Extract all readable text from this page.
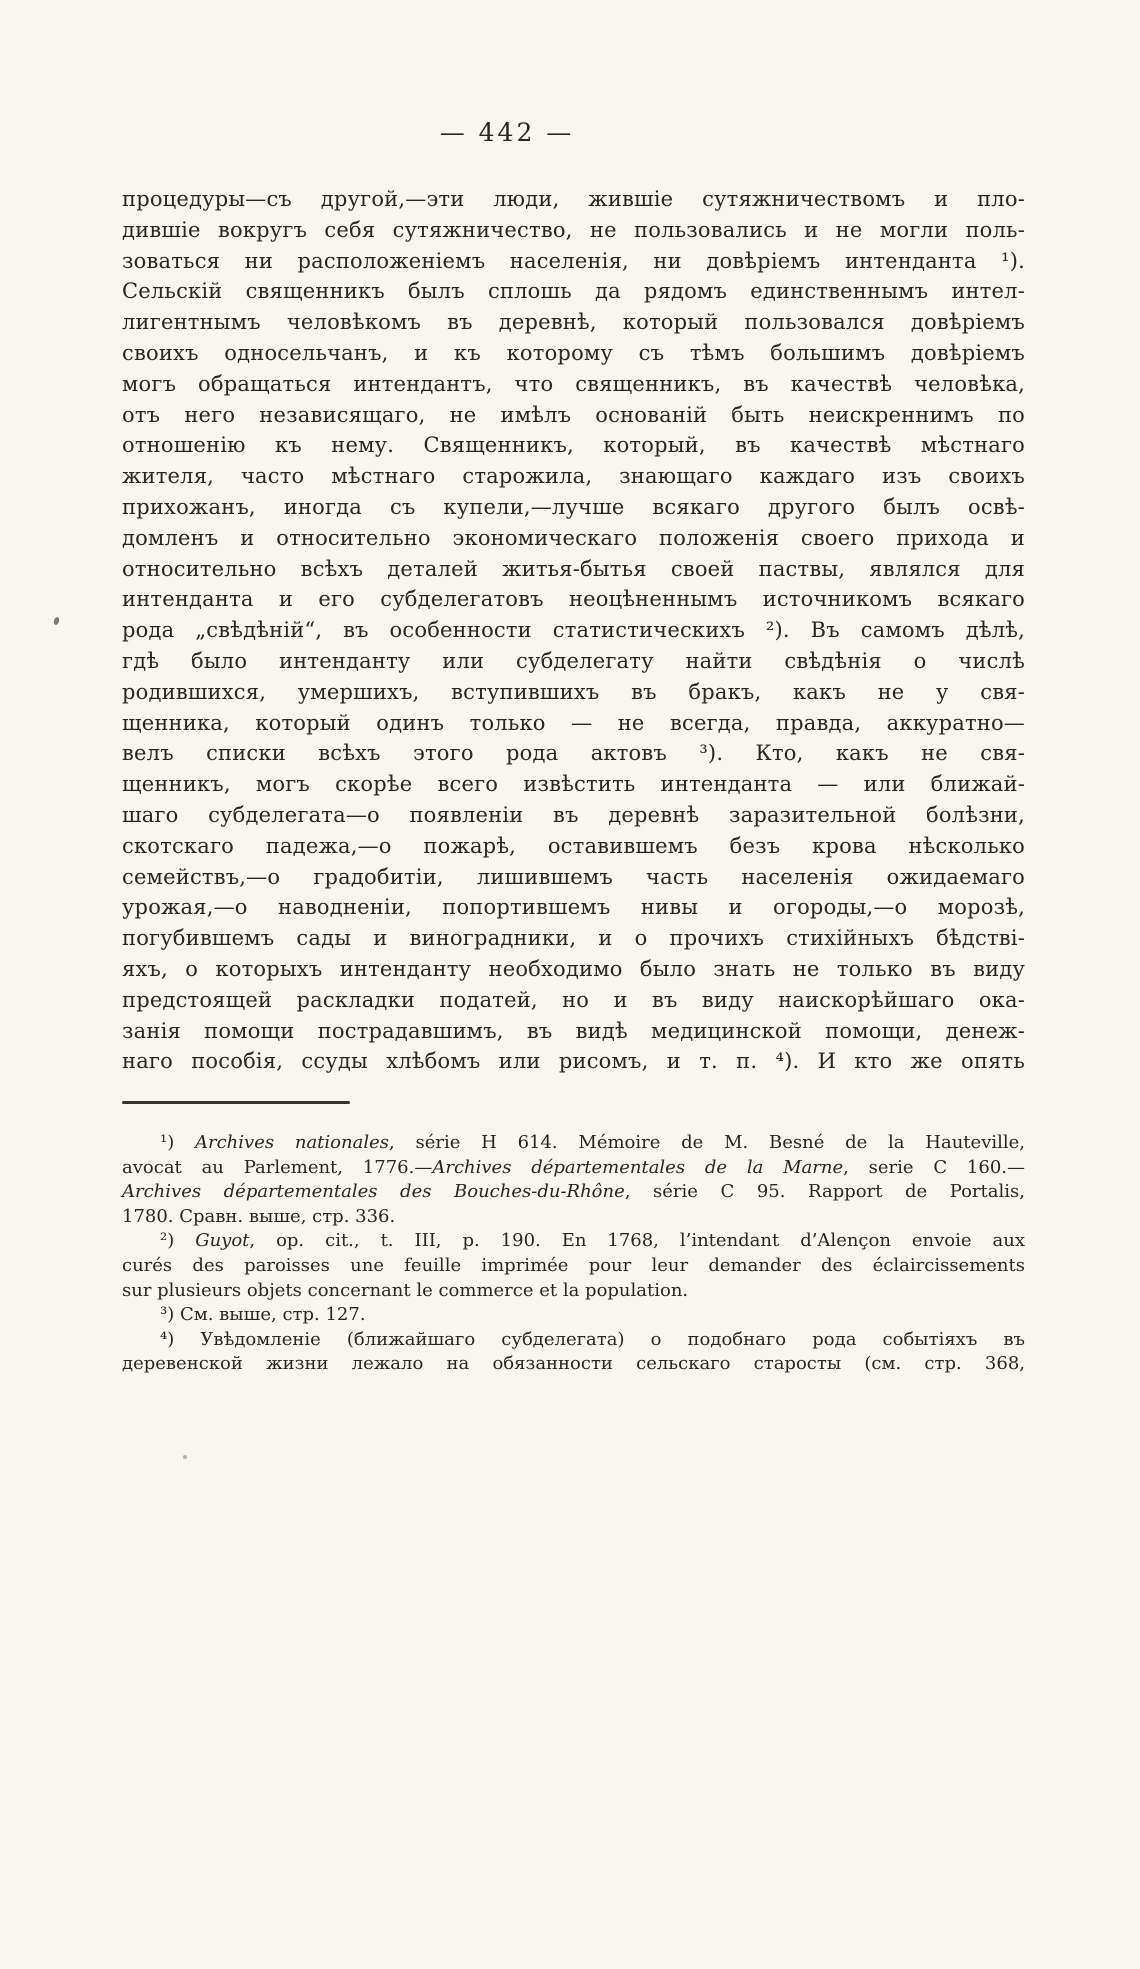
— 442 —
процедуры—съ другой,—эти люди, жившіе сутяжничествомъ и пло-
дившіе вокругъ себя сутяжничество, не пользовались и не могли поль-
зоваться ни расположеніемъ населенія, ни довѣріемъ интенданта ¹).
Сельскій священникъ былъ сплошь да рядомъ единственнымъ интел-
лигентнымъ человѣкомъ въ деревнѣ, который пользовался довѣріемъ
своихъ односельчанъ, и къ которому съ тѣмъ большимъ довѣріемъ
могъ обращаться интендантъ, что священникъ, въ качествѣ человѣка,
отъ него независящаго, не имѣлъ основаній быть неискреннимъ по
отношенію къ нему. Священникъ, который, въ качествѣ мѣстнаго
жителя, часто мѣстнаго старожила, знающаго каждаго изъ своихъ
прихожанъ, иногда съ купели,—лучше всякаго другого былъ освѣ-
домленъ и относительно экономическаго положенія своего прихода и
относительно всѣхъ деталей житья-бытья своей паствы, являлся для
интенданта и его субделегатовъ неоцѣненнымъ источникомъ всякаго
рода „свѣдѣній“, въ особенности статистическихъ ²). Въ самомъ дѣлѣ,
гдѣ было интенданту или субделегату найти свѣдѣнія о числѣ
родившихся, умершихъ, вступившихъ въ бракъ, какъ не у свя-
щенника, который одинъ только — не всегда, правда, аккуратно—
велъ списки всѣхъ этого рода актовъ ³). Кто, какъ не свя-
щенникъ, могъ скорѣе всего извѣстить интенданта — или ближай-
шаго субделегата—о появленіи въ деревнѣ заразительной болѣзни,
скотскаго падежа,—о пожарѣ, оставившемъ безъ крова нѣсколько
семействъ,—о градобитіи, лишившемъ часть населенія ожидаемаго
урожая,—о наводненіи, попортившемъ нивы и огороды,—о морозѣ,
погубившемъ сады и виноградники, и о прочихъ стихійныхъ бѣдстві-
яхъ, о которыхъ интенданту необходимо было знать не только въ виду
предстоящей раскладки податей, но и въ виду наискорѣйшаго ока-
занія помощи пострадавшимъ, въ видѣ медицинской помощи, денеж-
наго пособія, ссуды хлѣбомъ или рисомъ, и т. п. ⁴). И кто же опять
¹) Archives nationales, série H 614. Mémoire de M. Besné de la Hauteville,
avocat au Parlement, 1776.—Archives départementales de la Marne, serie C 160.—
Archives départementales des Bouches-du-Rhône, série C 95. Rapport de Portalis,
1780. Сравн. выше, стр. 336.
²) Guyot, op. cit., t. III, p. 190. En 1768, l’intendant d’Alençon envoie aux
curés des paroisses une feuille imprimée pour leur demander des éclaircissements
sur plusieurs objets concernant le commerce et la population.
³) См. выше, стр. 127.
⁴) Увѣдомленіе (ближайшаго субделегата) о подобнаго рода событіяхъ въ
деревенской жизни лежало на обязанности сельскаго старосты (см. стр. 368,
